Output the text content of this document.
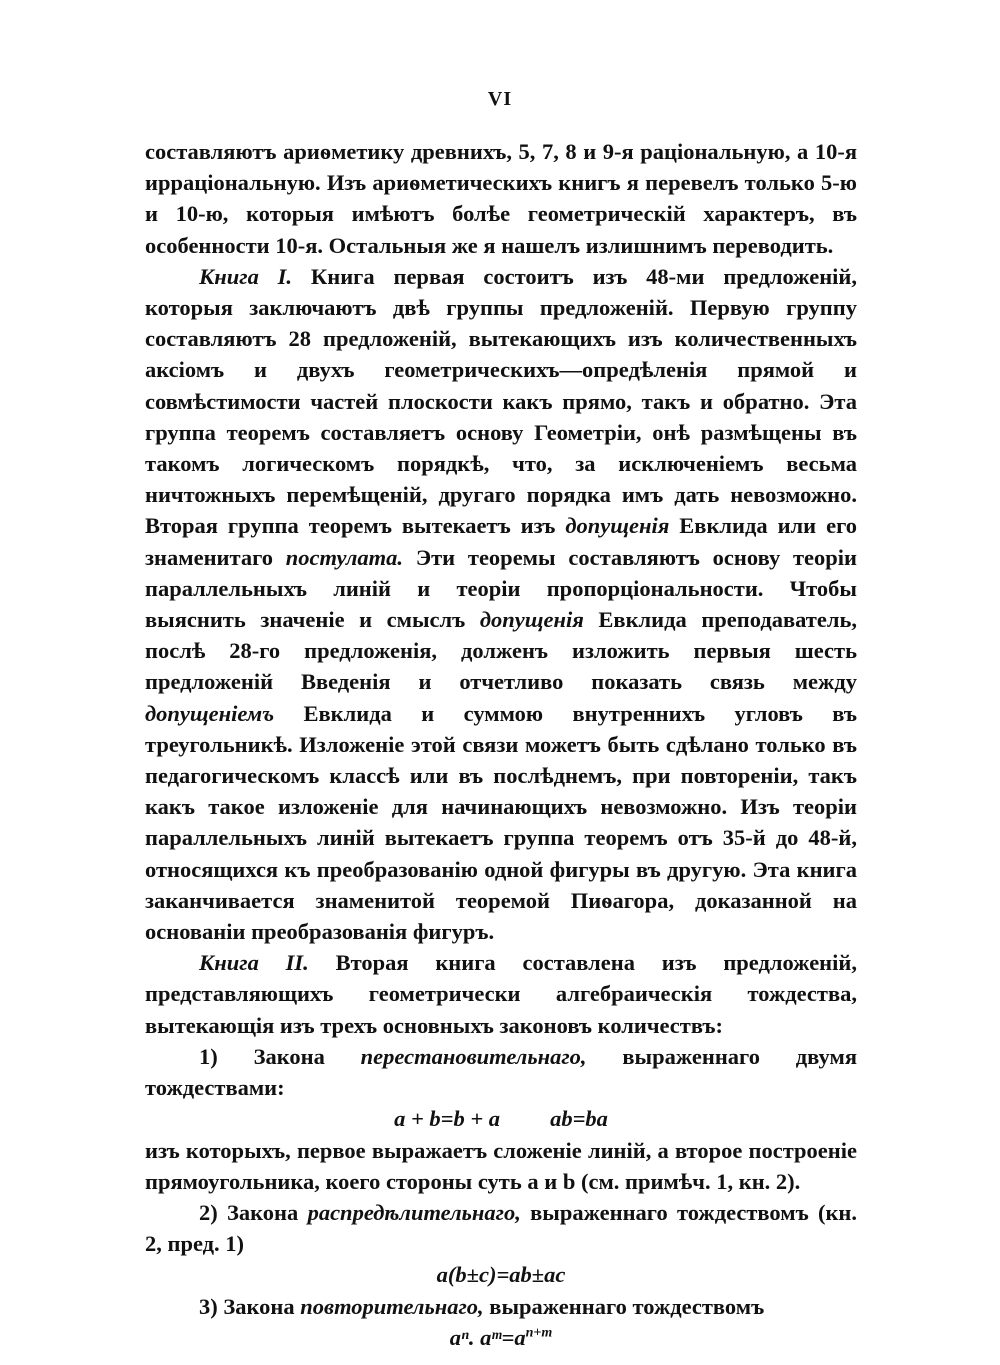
VI

составляютъ ариѳметику древнихъ, 5, 7, 8 и 9-я раціональную, а 10-я ирраціональную. Изъ ариѳметическихъ книгъ я перевелъ только 5-ю и 10-ю, которыя имѣютъ болѣе геометрическій характеръ, въ особенности 10-я. Остальныя же я нашелъ излишнимъ переводить.

Книга I. Книга первая состоитъ изъ 48-ми предложеній, которыя заключаютъ двѣ группы предложеній. Первую группу составляютъ 28 предложеній, вытекающихъ изъ количественныхъ аксіомъ и двухъ геометрическихъ—опредѣленія прямой и совмѣстимости частей плоскости какъ прямо, такъ и обратно. Эта группа теоремъ составляетъ основу Геометріи, онѣ размѣщены въ такомъ логическомъ порядкѣ, что, за исключеніемъ весьма ничтожныхъ перемѣщеній, другаго порядка имъ дать невозможно. Вторая группа теоремъ вытекаетъ изъ допущенія Евклида или его знаменитаго постулата. Эти теоремы составляютъ основу теоріи параллельныхъ линій и теоріи пропорціональности. Чтобы выяснить значеніе и смыслъ допущенія Евклида преподаватель, послѣ 28-го предложенія, долженъ изложить первыя шесть предложеній Введенія и отчетливо показать связь между допущеніемъ Евклида и суммою внутреннихъ угловъ въ треугольникѣ. Изложеніе этой связи можетъ быть сдѣлано только въ педагогическомъ классѣ или въ послѣднемъ, при повтореніи, такъ какъ такое изложеніе для начинающихъ невозможно. Изъ теоріи параллельныхъ линій вытекаетъ группа теоремъ отъ 35-й до 48-й, относящихся къ преобразованію одной фигуры въ другую. Эта книга заканчивается знаменитой теоремой Пиѳагора, доказанной на основаніи преобразованія фигуръ.

Книга II. Вторая книга составлена изъ предложеній, представляющихъ геометрически алгебраическія тождества, вытекающія изъ трехъ основныхъ законовъ количествъ:

1) Закона перестановительнаго, выраженнаго двумя тождествами:

a + b=b + a ab=ba

изъ которыхъ, первое выражаетъ сложеніе линій, а второе построеніе прямоугольника, коего стороны суть a и b (см. примѣч. 1, кн. 2).

2) Закона распредѣлительнаго, выраженнаго тождествомъ (кн. 2, пред. 1)

a(b±c)=ab±ac

3) Закона повторительнаго, выраженнаго тождествомъ

aⁿ. $aᵐ=a^{n+m}$
